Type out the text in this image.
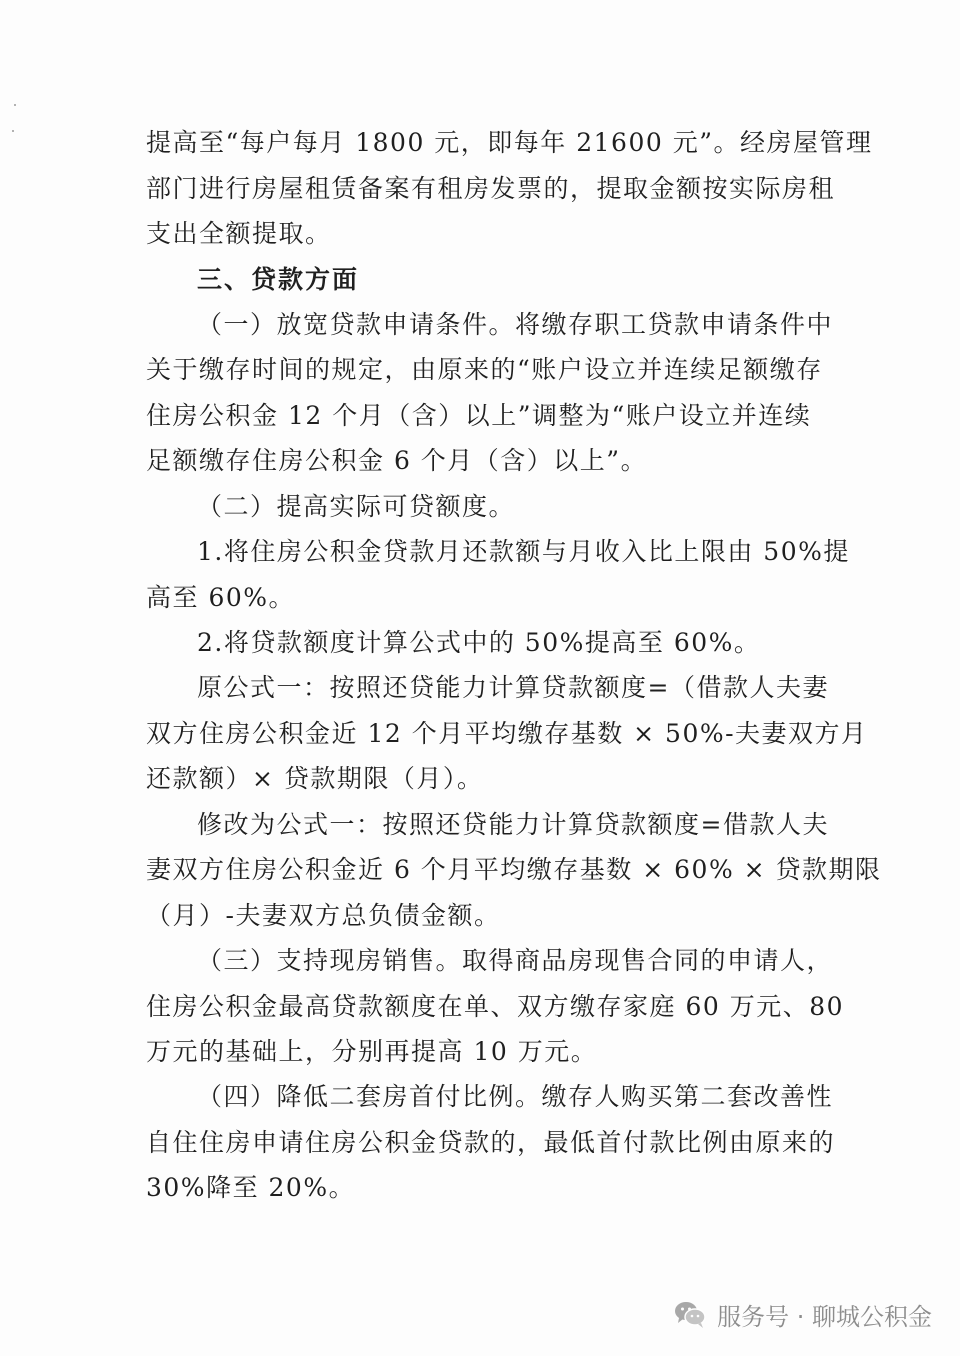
提高至“每户每月 1800 元，即每年 21600 元”。经房屋管理
部门进行房屋租赁备案有租房发票的，提取金额按实际房租
支出全额提取。
三、贷款方面
（一）放宽贷款申请条件。将缴存职工贷款申请条件中
关于缴存时间的规定，由原来的“账户设立并连续足额缴存
住房公积金 12 个月（含）以上”调整为“账户设立并连续
足额缴存住房公积金 6 个月（含）以上”。
（二）提高实际可贷额度。
1.将住房公积金贷款月还款额与月收入比上限由 50%提
高至 60%。
2.将贷款额度计算公式中的 50%提高至 60%。
原公式一：按照还贷能力计算贷款额度=（借款人夫妻
双方住房公积金近 12 个月平均缴存基数 × 50%-夫妻双方月
还款额）× 贷款期限（月）。
修改为公式一：按照还贷能力计算贷款额度=借款人夫
妻双方住房公积金近 6 个月平均缴存基数 × 60% × 贷款期限
（月）-夫妻双方总负债金额。
（三）支持现房销售。取得商品房现售合同的申请人，
住房公积金最高贷款额度在单、双方缴存家庭 60 万元、80
万元的基础上，分别再提高 10 万元。
（四）降低二套房首付比例。缴存人购买第二套改善性
自住住房申请住房公积金贷款的，最低首付款比例由原来的
30%降至 20%。
服务号 · 聊城公积金
